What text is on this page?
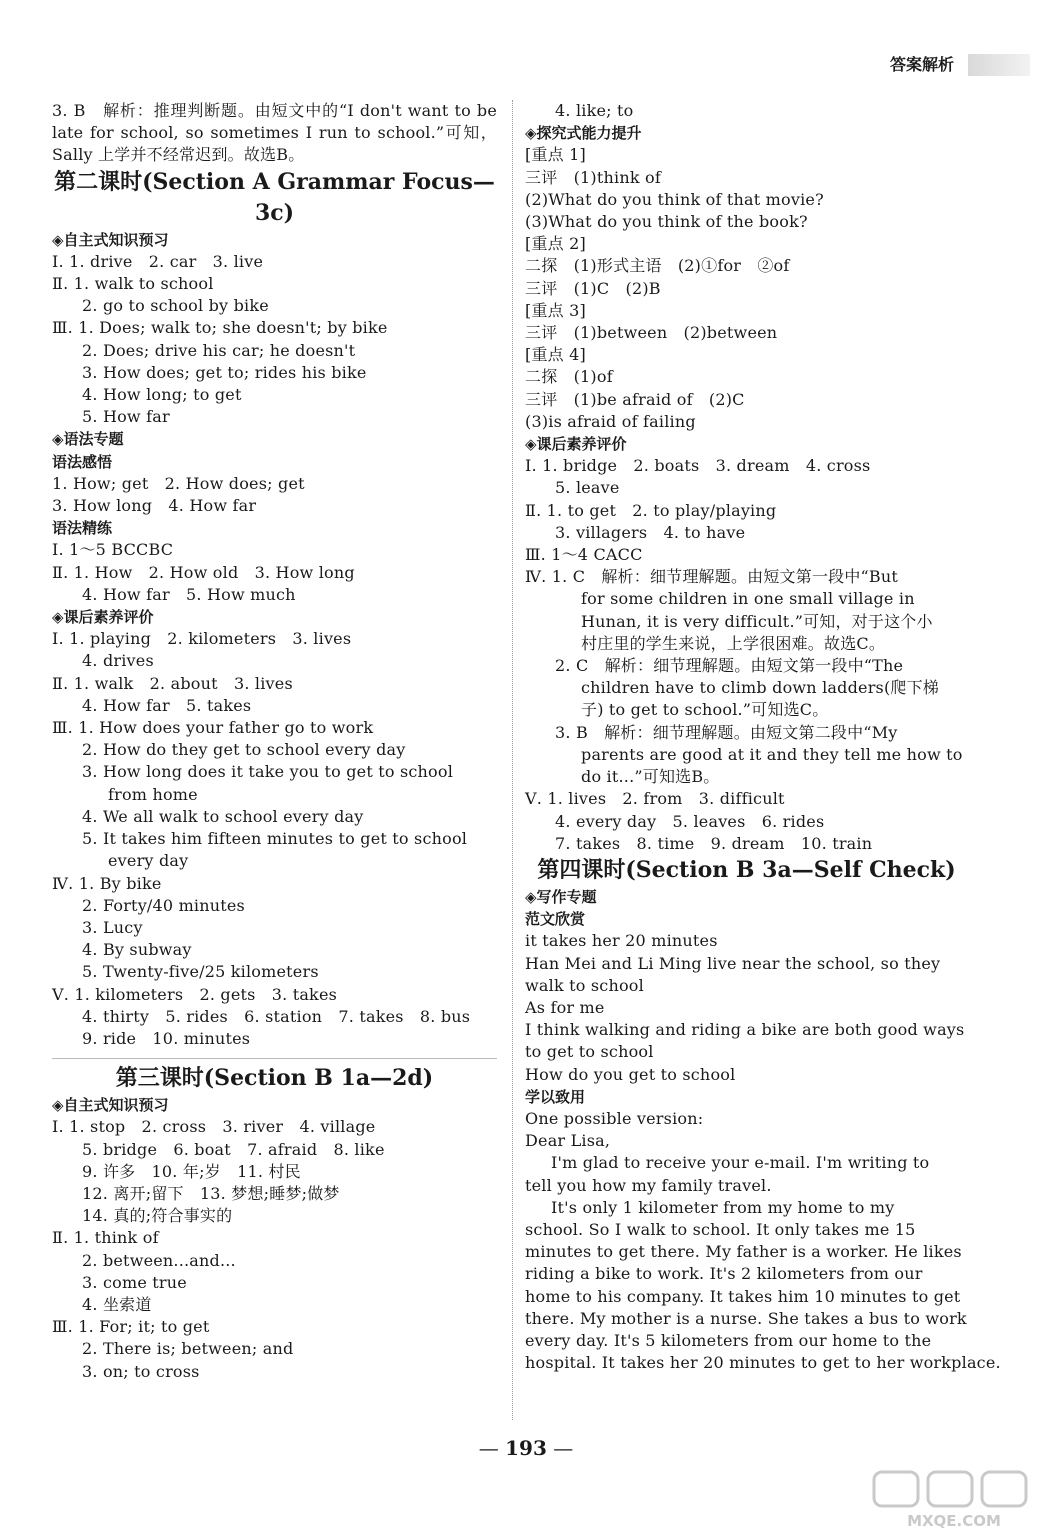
答案解析
3. B　解析：推理判断题。由短文中的“I don't want to be late for school, so sometimes I run to school.”可知，Sally 上学并不经常迟到。故选B。
第二课时(Section A Grammar Focus—3c)
◈自主式知识预习
Ⅰ. 1. drive　2. car　3. live
Ⅱ. 1. walk to school
2. go to school by bike
Ⅲ. 1. Does; walk to; she doesn't; by bike
2. Does; drive his car; he doesn't
3. How does; get to; rides his bike
4. How long; to get
5. How far
◈语法专题
语法感悟
1. How; get　2. How does; get
3. How long　4. How far
语法精练
Ⅰ. 1～5 BCCBC
Ⅱ. 1. How　2. How old　3. How long
4. How far　5. How much
◈课后素养评价
Ⅰ. 1. playing　2. kilometers　3. lives
4. drives
Ⅱ. 1. walk　2. about　3. lives
4. How far　5. takes
Ⅲ. 1. How does your father go to work
2. How do they get to school every day
3. How long does it take you to get to school
from home
4. We all walk to school every day
5. It takes him fifteen minutes to get to school
every day
Ⅳ. 1. By bike
2. Forty/40 minutes
3. Lucy
4. By subway
5. Twenty-five/25 kilometers
Ⅴ. 1. kilometers　2. gets　3. takes
4. thirty　5. rides　6. station　7. takes　8. bus
9. ride　10. minutes
第三课时(Section B 1a—2d)
◈自主式知识预习
Ⅰ. 1. stop　2. cross　3. river　4. village
5. bridge　6. boat　7. afraid　8. like
9. 许多　10. 年;岁　11. 村民
12. 离开;留下　13. 梦想;睡梦;做梦
14. 真的;符合事实的
Ⅱ. 1. think of
2. between...and...
3. come true
4. 坐索道
Ⅲ. 1. For; it; to get
2. There is; between; and
3. on; to cross
4. like; to
◈探究式能力提升
[重点 1]
三评　(1)think of
(2)What do you think of that movie?
(3)What do you think of the book?
[重点 2]
二探　(1)形式主语　(2)①for　②of
三评　(1)C　(2)B
[重点 3]
三评　(1)between　(2)between
[重点 4]
二探　(1)of
三评　(1)be afraid of　(2)C
(3)is afraid of failing
◈课后素养评价
Ⅰ. 1. bridge　2. boats　3. dream　4. cross
5. leave
Ⅱ. 1. to get　2. to play/playing
3. villagers　4. to have
Ⅲ. 1～4 CACC
Ⅳ. 1. C　解析：细节理解题。由短文第一段中“But
for some children in one small village in
Hunan, it is very difficult.”可知，对于这个小
村庄里的学生来说，上学很困难。故选C。
2. C　解析：细节理解题。由短文第一段中“The
children have to climb down ladders(爬下梯
子) to get to school.”可知选C。
3. B　解析：细节理解题。由短文第二段中“My
parents are good at it and they tell me how to
do it...”可知选B。
Ⅴ. 1. lives　2. from　3. difficult
4. every day　5. leaves　6. rides
7. takes　8. time　9. dream　10. train
第四课时(Section B 3a—Self Check)
◈写作专题
范文欣赏
it takes her 20 minutes
Han Mei and Li Ming live near the school, so they
walk to school
As for me
I think walking and riding a bike are both good ways
to get to school
How do you get to school
学以致用
One possible version:
Dear Lisa,
I'm glad to receive your e-mail. I'm writing to
tell you how my family travel.
It's only 1 kilometer from my home to my
school. So I walk to school. It only takes me 15
minutes to get there. My father is a worker. He likes
riding a bike to work. It's 2 kilometers from our
home to his company. It takes him 10 minutes to get
there. My mother is a nurse. She takes a bus to work
every day. It's 5 kilometers from our home to the
hospital. It takes her 20 minutes to get to her workplace.
— 193 —
MXQE.COM
